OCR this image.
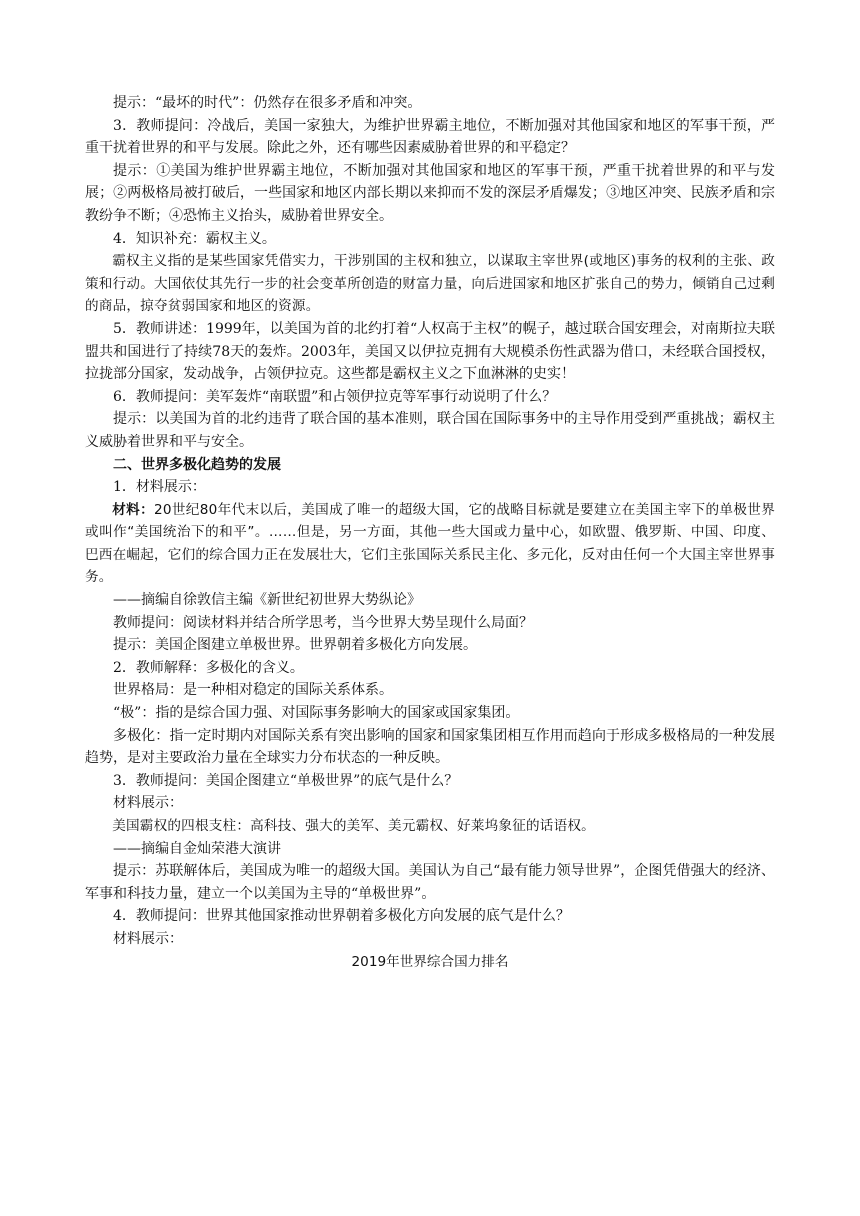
提示：“最坏的时代”：仍然存在很多矛盾和冲突。

3．教师提问：冷战后，美国一家独大，为维护世界霸主地位，不断加强对其他国家和地区的军事干预，严重干扰着世界的和平与发展。除此之外，还有哪些因素威胁着世界的和平稳定？

提示：①美国为维护世界霸主地位，不断加强对其他国家和地区的军事干预，严重干扰着世界的和平与发展；②两极格局被打破后，一些国家和地区内部长期以来抑而不发的深层矛盾爆发；③地区冲突、民族矛盾和宗教纷争不断；④恐怖主义抬头，威胁着世界安全。

4．知识补充：霸权主义。

霸权主义指的是某些国家凭借实力，干涉别国的主权和独立，以谋取主宰世界(或地区)事务的权利的主张、政策和行动。大国依仗其先行一步的社会变革所创造的财富力量，向后进国家和地区扩张自己的势力，倾销自己过剩的商品，掠夺贫弱国家和地区的资源。

5．教师讲述：1999年，以美国为首的北约打着“人权高于主权”的幌子，越过联合国安理会，对南斯拉夫联盟共和国进行了持续78天的轰炸。2003年，美国又以伊拉克拥有大规模杀伤性武器为借口，未经联合国授权，拉拢部分国家，发动战争，占领伊拉克。这些都是霸权主义之下血淋淋的史实！

6．教师提问：美军轰炸“南联盟”和占领伊拉克等军事行动说明了什么？

提示：以美国为首的北约违背了联合国的基本准则，联合国在国际事务中的主导作用受到严重挑战；霸权主义威胁着世界和平与安全。

二、世界多极化趋势的发展

1．材料展示：

材料：20世纪80年代末以后，美国成了唯一的超级大国，它的战略目标就是要建立在美国主宰下的单极世界或叫作“美国统治下的和平”。……但是，另一方面，其他一些大国或力量中心，如欧盟、俄罗斯、中国、印度、巴西在崛起，它们的综合国力正在发展壮大，它们主张国际关系民主化、多元化，反对由任何一个大国主宰世界事务。

——摘编自徐敦信主编《新世纪初世界大势纵论》

教师提问：阅读材料并结合所学思考，当今世界大势呈现什么局面？

提示：美国企图建立单极世界。世界朝着多极化方向发展。

2．教师解释：多极化的含义。

世界格局：是一种相对稳定的国际关系体系。

“极”：指的是综合国力强、对国际事务影响大的国家或国家集团。

多极化：指一定时期内对国际关系有突出影响的国家和国家集团相互作用而趋向于形成多极格局的一种发展趋势，是对主要政治力量在全球实力分布状态的一种反映。

3．教师提问：美国企图建立“单极世界”的底气是什么？

材料展示：

美国霸权的四根支柱：高科技、强大的美军、美元霸权、好莱坞象征的话语权。

——摘编自金灿荣港大演讲

提示：苏联解体后，美国成为唯一的超级大国。美国认为自己“最有能力领导世界”，企图凭借强大的经济、军事和科技力量，建立一个以美国为主导的“单极世界”。

4．教师提问：世界其他国家推动世界朝着多极化方向发展的底气是什么？

材料展示：

2019年世界综合国力排名
